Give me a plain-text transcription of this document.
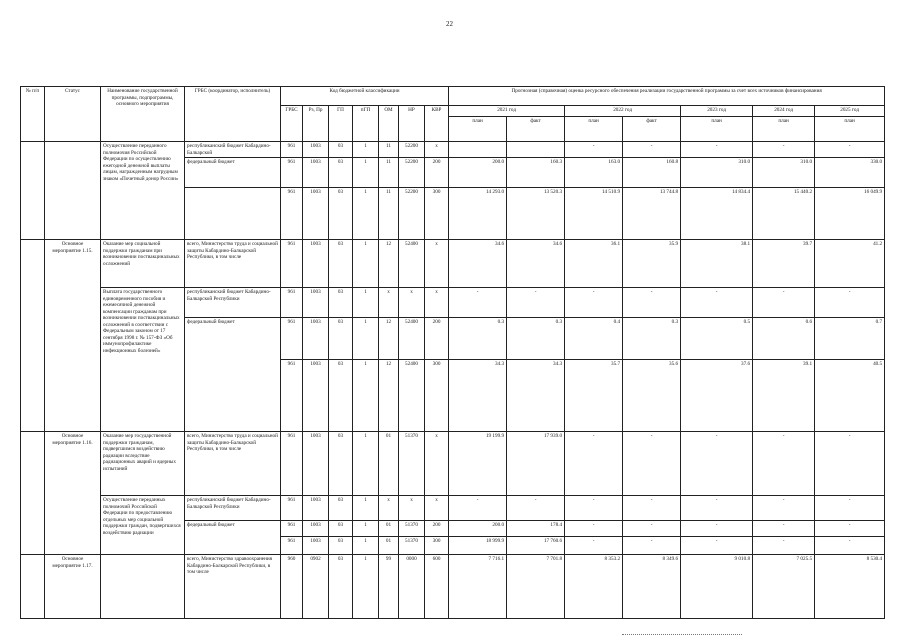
22
№ п/п	Статус	Наименование государственной программы, подпрограммы, основного мероприятия	ГРБС (координатор, исполнитель)	Код бюджетной классификации							Прогнозная (справочная) оценка ресурсного обеспечения реализации государственной программы за счет всех источников финансирования						
				ГРБС	Рз, Пр	ГП	пГП	ОМ	НР	КВР	2021 год		2022 год		2023 год	2024 год	2025 год
											план	факт	план	факт	план	план	план
		Осуществление переданного полномочия Российской Федерации по осуществлению ежегодной денежной выплаты лицам, награжденным нагрудным знаком «Почетный донор России»	республиканский бюджет Кабардино-Балкарской	961	1003	03	1	11	52200	х			-	-	-	-	-
			федеральный бюджет	961	1003	03	1	11	52200	200	200.0	160.3	163.0	160.8	310.0	310.0	330.0
				961	1003	03	1	11	52200	300	14 293.0	13 520.3	14 510.9	13 744.8	14 834.4	15 440.2	16 049.9
	Основное мероприятие 1.15.	Оказание мер социальной поддержки гражданам при возникновении поствакцинальных осложнений	всего, Министерство труда и социальной защиты Кабардино-Балкарской Республики, в том числе	961	1003	03	1	12	52400	х	34.6	34.6	36.1	35.9	38.1	39.7	41.2
		Выплата государственного единовременного пособия и ежемесячной денежной компенсации гражданам при возникновении поствакцинальных осложнений в соответствии с Федеральным законом от 17 сентября 1998 г. № 157-ФЗ «Об иммунопрофилактике инфекционных болезней»	республиканский бюджет Кабардино-Балкарской Республики	961	1003	03	1	х	х	х	-	-	-	-	-	-	-
			федеральный бюджет	961	1003	03	1	12	52400	200	0.3	0.3	0.4	0.3	0.5	0.6	0.7
				961	1003	03	1	12	52400	300	34.3	34.3	35.7	35.6	37.6	39.1	40.5
	Основное мероприятие 1.16.	Оказание мер государственной поддержки гражданам, подвергшимся воздействию радиации вследствие радиационных аварий и ядерных испытаний	всего, Министерство труда и социальной защиты Кабардино-Балкарской Республики, в том числе	961	1003	03	1	01	51370	х	19 199.9	17 939.0	-	-	-	-	-
		Осуществление переданных полномочий Российской Федерации по предоставлению отдельных мер социальной поддержки граждан, подвергшихся воздействию радиации	республиканский бюджет Кабардино-Балкарской Республики	961	1003	03	1	х	х	х	-	-	-	-	-	-	-
			федеральный бюджет	961	1003	03	1	01	51370	200	200.0	178.4	-	-	-	-	-
				961	1003	03	1	01	51370	300	18 999.9	17 760.6	-	-	-	-	-
	Основное мероприятие 1.17.		всего, Министерство здравоохранения Кабардино-Балкарской Республики, в том числе	960	0902	03	1	99	0000	600	7 716.1	7 701.8	8 353.2	8 349.6	9 010.8	7 025.5	8 530.4
